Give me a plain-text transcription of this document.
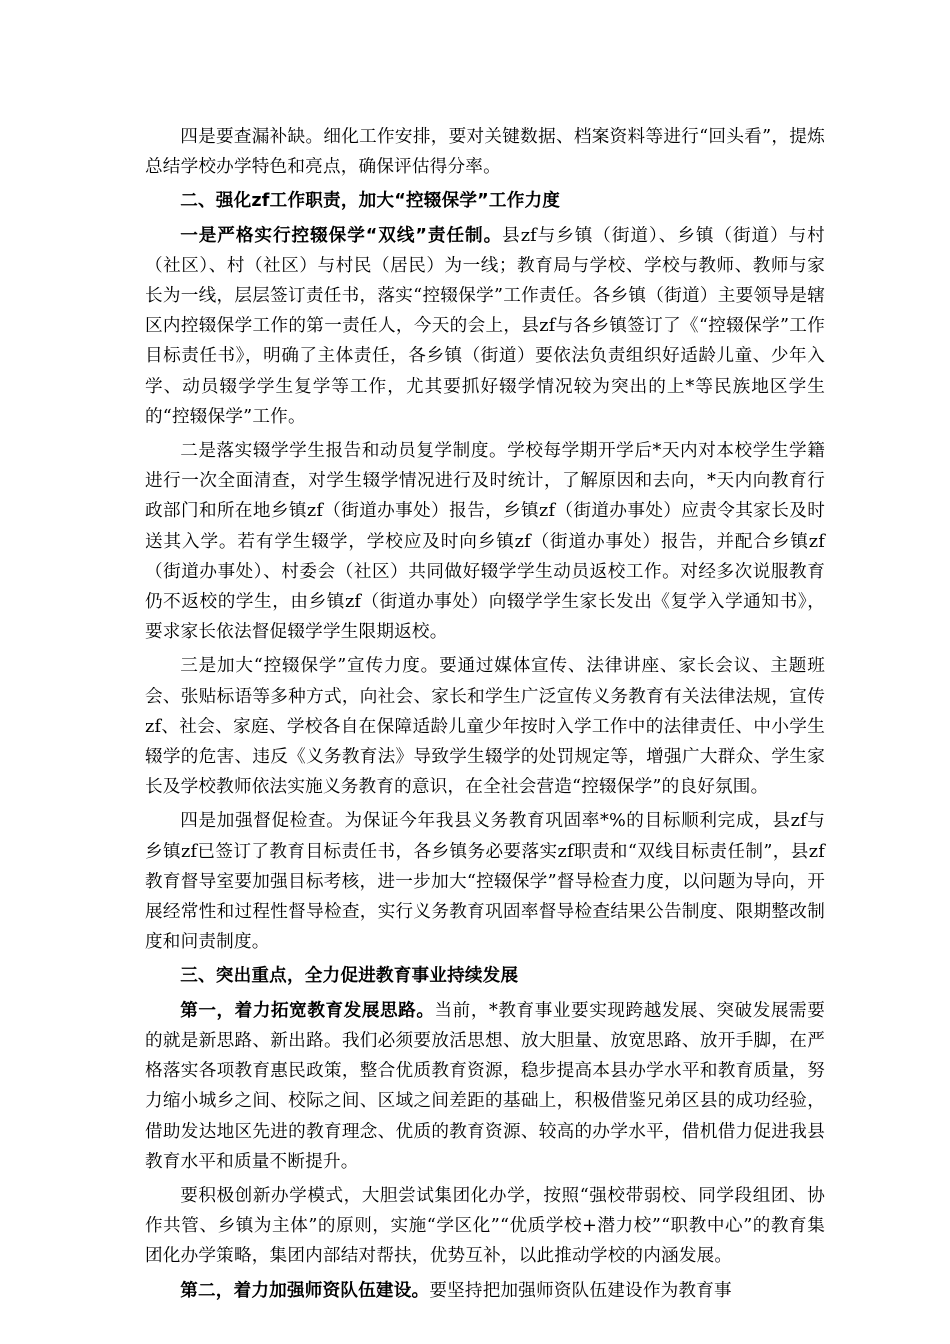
四是要查漏补缺。细化工作安排，要对关键数据、档案资料等进行“回头看”，提炼总结学校办学特色和亮点，确保评估得分率。

二、强化zf工作职责，加大“控辍保学”工作力度

一是严格实行控辍保学“双线”责任制。县zf与乡镇（街道）、乡镇（街道）与村（社区）、村（社区）与村民（居民）为一线；教育局与学校、学校与教师、教师与家长为一线，层层签订责任书，落实“控辍保学”工作责任。各乡镇（街道）主要领导是辖区内控辍保学工作的第一责任人，今天的会上，县zf与各乡镇签订了《“控辍保学”工作目标责任书》，明确了主体责任，各乡镇（街道）要依法负责组织好适龄儿童、少年入学、动员辍学学生复学等工作，尤其要抓好辍学情况较为突出的上*等民族地区学生的“控辍保学”工作。

二是落实辍学学生报告和动员复学制度。学校每学期开学后*天内对本校学生学籍进行一次全面清查，对学生辍学情况进行及时统计，了解原因和去向，*天内向教育行政部门和所在地乡镇zf（街道办事处）报告，乡镇zf（街道办事处）应责令其家长及时送其入学。若有学生辍学，学校应及时向乡镇zf（街道办事处）报告，并配合乡镇zf（街道办事处）、村委会（社区）共同做好辍学学生动员返校工作。对经多次说服教育仍不返校的学生，由乡镇zf（街道办事处）向辍学学生家长发出《复学入学通知书》，要求家长依法督促辍学学生限期返校。

三是加大“控辍保学”宣传力度。要通过媒体宣传、法律讲座、家长会议、主题班会、张贴标语等多种方式，向社会、家长和学生广泛宣传义务教育有关法律法规，宣传zf、社会、家庭、学校各自在保障适龄儿童少年按时入学工作中的法律责任、中小学生辍学的危害、违反《义务教育法》导致学生辍学的处罚规定等，增强广大群众、学生家长及学校教师依法实施义务教育的意识，在全社会营造“控辍保学”的良好氛围。

四是加强督促检查。为保证今年我县义务教育巩固率*%的目标顺利完成，县zf与乡镇zf已签订了教育目标责任书，各乡镇务必要落实zf职责和“双线目标责任制”，县zf教育督导室要加强目标考核，进一步加大“控辍保学”督导检查力度，以问题为导向，开展经常性和过程性督导检查，实行义务教育巩固率督导检查结果公告制度、限期整改制度和问责制度。

三、突出重点，全力促进教育事业持续发展

第一，着力拓宽教育发展思路。当前，*教育事业要实现跨越发展、突破发展需要的就是新思路、新出路。我们必须要放活思想、放大胆量、放宽思路、放开手脚，在严格落实各项教育惠民政策，整合优质教育资源，稳步提高本县办学水平和教育质量，努力缩小城乡之间、校际之间、区域之间差距的基础上，积极借鉴兄弟区县的成功经验，借助发达地区先进的教育理念、优质的教育资源、较高的办学水平，借机借力促进我县教育水平和质量不断提升。

要积极创新办学模式，大胆尝试集团化办学，按照“强校带弱校、同学段组团、协作共管、乡镇为主体”的原则，实施“学区化”“优质学校+潜力校”“职教中心”的教育集团化办学策略，集团内部结对帮扶，优势互补，以此推动学校的内涵发展。

第二，着力加强师资队伍建设。要坚持把加强师资队伍建设作为教育事
